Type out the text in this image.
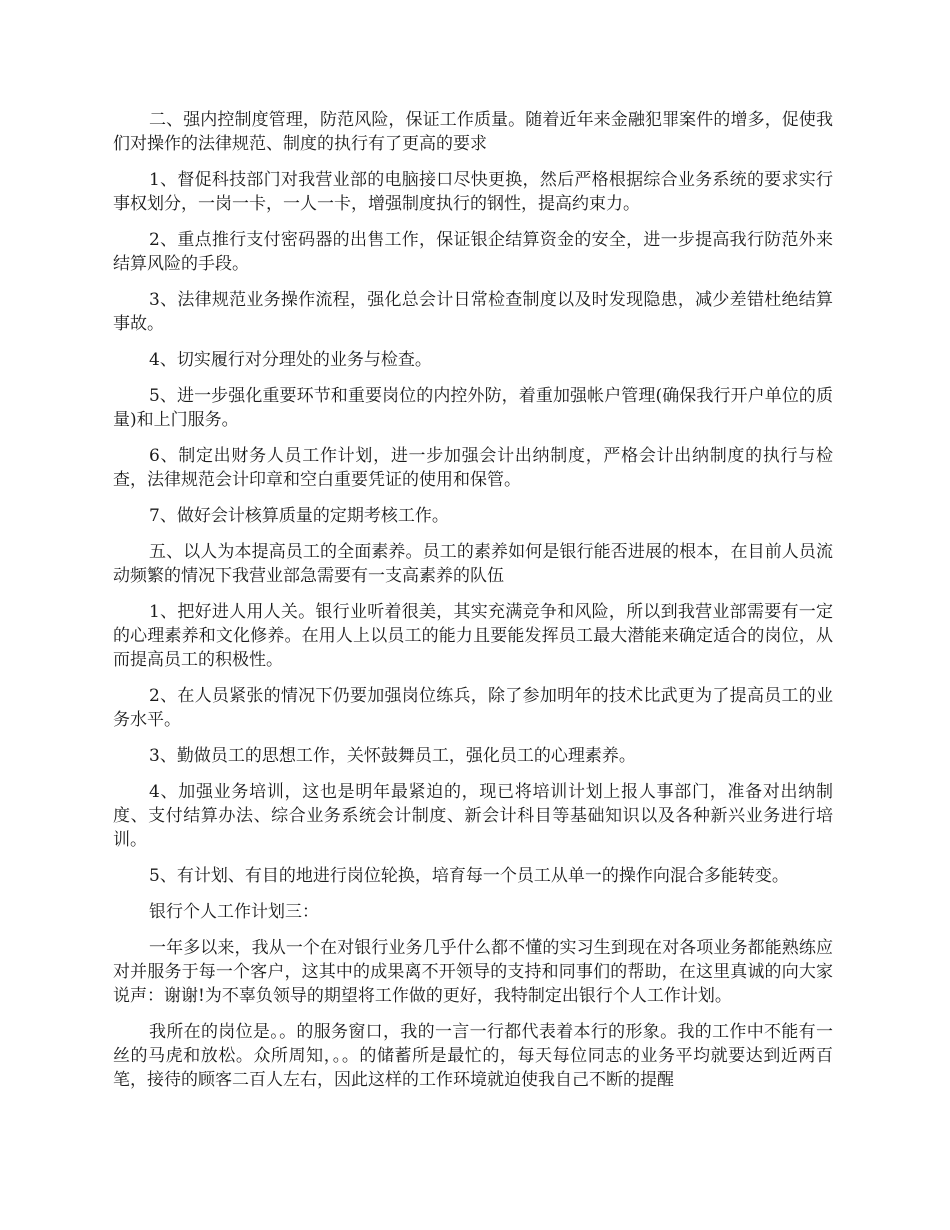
二、强内控制度管理，防范风险，保证工作质量。随着近年来金融犯罪案件的增多，促使我们对操作的法律规范、制度的执行有了更高的要求

1、督促科技部门对我营业部的电脑接口尽快更换，然后严格根据综合业务系统的要求实行事权划分，一岗一卡，一人一卡，增强制度执行的钢性，提高约束力。

2、重点推行支付密码器的出售工作，保证银企结算资金的安全，进一步提高我行防范外来结算风险的手段。

3、法律规范业务操作流程，强化总会计日常检查制度以及时发现隐患，减少差错杜绝结算事故。

4、切实履行对分理处的业务与检查。

5、进一步强化重要环节和重要岗位的内控外防，着重加强帐户管理(确保我行开户单位的质量)和上门服务。

6、制定出财务人员工作计划，进一步加强会计出纳制度，严格会计出纳制度的执行与检查，法律规范会计印章和空白重要凭证的使用和保管。

7、做好会计核算质量的定期考核工作。

五、以人为本提高员工的全面素养。员工的素养如何是银行能否进展的根本，在目前人员流动频繁的情况下我营业部急需要有一支高素养的队伍

1、把好进人用人关。银行业听着很美，其实充满竞争和风险，所以到我营业部需要有一定的心理素养和文化修养。在用人上以员工的能力且要能发挥员工最大潜能来确定适合的岗位，从而提高员工的积极性。

2、在人员紧张的情况下仍要加强岗位练兵，除了参加明年的技术比武更为了提高员工的业务水平。

3、勤做员工的思想工作，关怀鼓舞员工，强化员工的心理素养。

4、加强业务培训，这也是明年最紧迫的，现已将培训计划上报人事部门，准备对出纳制度、支付结算办法、综合业务系统会计制度、新会计科目等基础知识以及各种新兴业务进行培训。

5、有计划、有目的地进行岗位轮换，培育每一个员工从单一的操作向混合多能转变。

银行个人工作计划三：

一年多以来，我从一个在对银行业务几乎什么都不懂的实习生到现在对各项业务都能熟练应对并服务于每一个客户，这其中的成果离不开领导的支持和同事们的帮助，在这里真诚的向大家说声：谢谢!为不辜负领导的期望将工作做的更好，我特制定出银行个人工作计划。

我所在的岗位是。。的服务窗口，我的一言一行都代表着本行的形象。我的工作中不能有一丝的马虎和放松。众所周知，。。的储蓄所是最忙的，每天每位同志的业务平均就要达到近两百笔，接待的顾客二百人左右，因此这样的工作环境就迫使我自己不断的提醒
